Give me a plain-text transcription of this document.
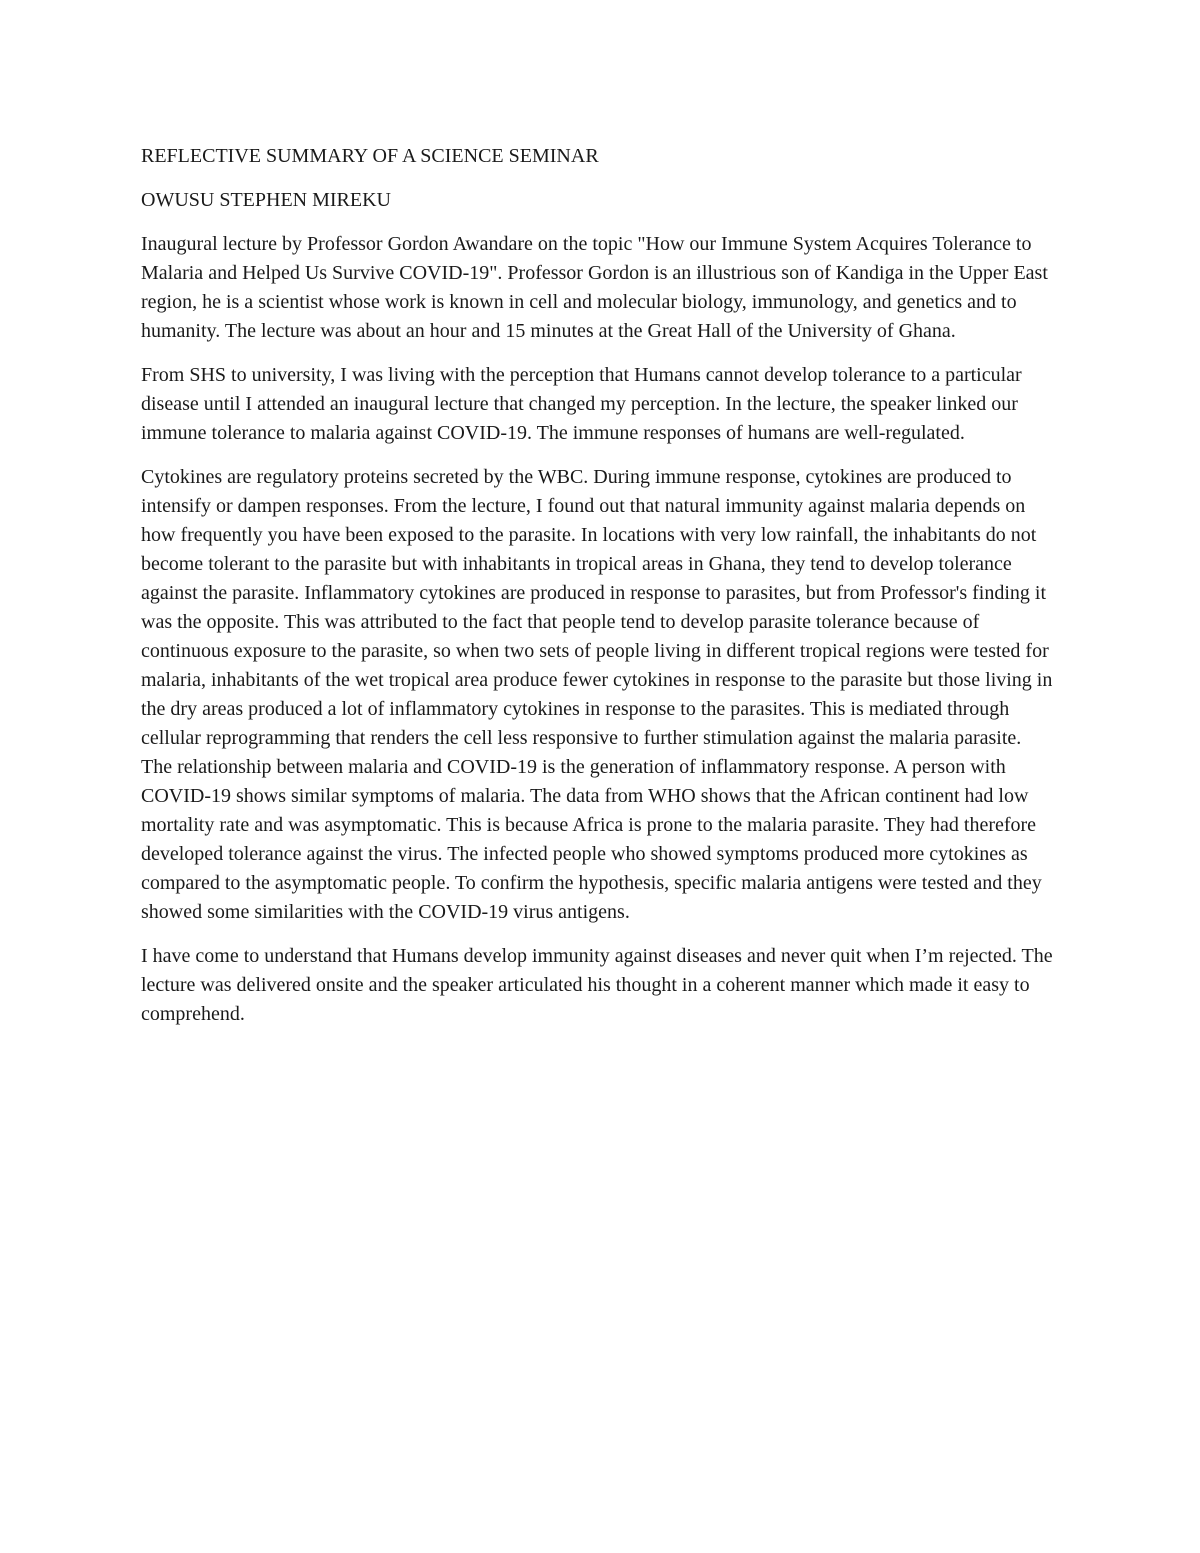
REFLECTIVE SUMMARY OF A SCIENCE SEMINAR

OWUSU STEPHEN MIREKU

Inaugural lecture by Professor Gordon Awandare on the topic "How our Immune System Acquires Tolerance to Malaria and Helped Us Survive COVID-19". Professor Gordon is an illustrious son of Kandiga in the Upper East region, he is a scientist whose work is known in cell and molecular biology, immunology, and genetics and to humanity. The lecture was about an hour and 15 minutes at the Great Hall of the University of Ghana.

From SHS to university, I was living with the perception that Humans cannot develop tolerance to a particular disease until I attended an inaugural lecture that changed my perception. In the lecture, the speaker linked our immune tolerance to malaria against COVID-19. The immune responses of humans are well-regulated.

Cytokines are regulatory proteins secreted by the WBC. During immune response, cytokines are produced to intensify or dampen responses. From the lecture, I found out that natural immunity against malaria depends on how frequently you have been exposed to the parasite. In locations with very low rainfall, the inhabitants do not become tolerant to the parasite but with inhabitants in tropical areas in Ghana, they tend to develop tolerance against the parasite. Inflammatory cytokines are produced in response to parasites, but from Professor's finding it was the opposite. This was attributed to the fact that people tend to develop parasite tolerance because of continuous exposure to the parasite, so when two sets of people living in different tropical regions were tested for malaria, inhabitants of the wet tropical area produce fewer cytokines in response to the parasite but those living in the dry areas produced a lot of inflammatory cytokines in response to the parasites. This is mediated through cellular reprogramming that renders the cell less responsive to further stimulation against the malaria parasite. The relationship between malaria and COVID-19 is the generation of inflammatory response. A person with COVID-19 shows similar symptoms of malaria. The data from WHO shows that the African continent had low mortality rate and was asymptomatic. This is because Africa is prone to the malaria parasite. They had therefore developed tolerance against the virus. The infected people who showed symptoms produced more cytokines as compared to the asymptomatic people. To confirm the hypothesis, specific malaria antigens were tested and they showed some similarities with the COVID-19 virus antigens.

I have come to understand that Humans develop immunity against diseases and never quit when I’m rejected. The lecture was delivered onsite and the speaker articulated his thought in a coherent manner which made it easy to comprehend.
